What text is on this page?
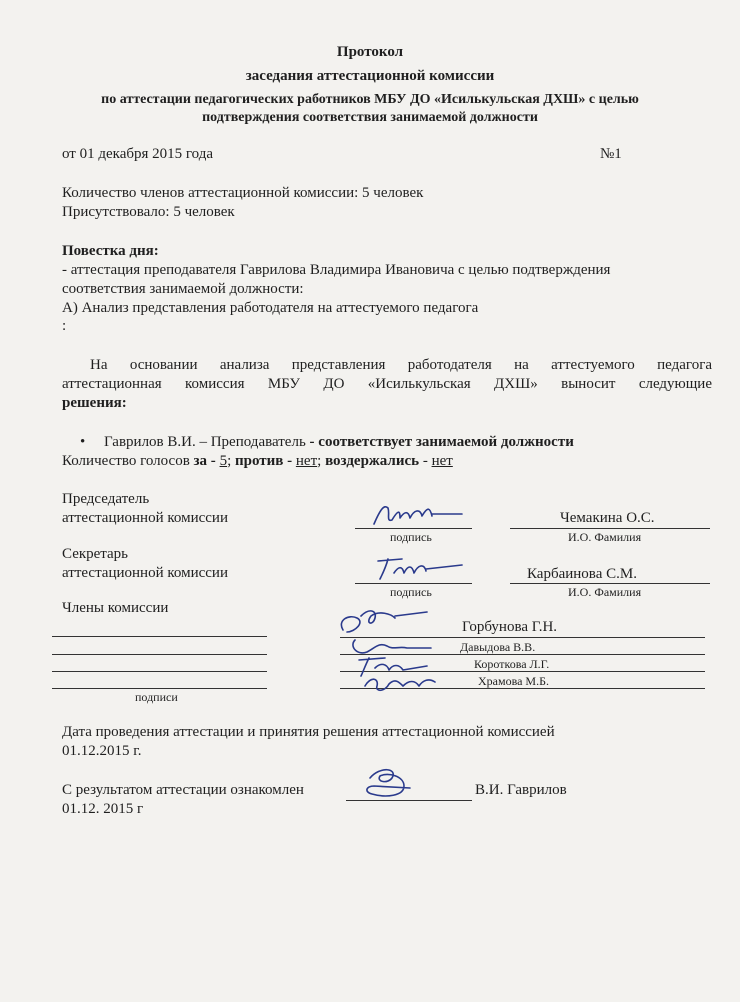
Протокол
заседания аттестационной комиссии
по аттестации педагогических работников МБУ ДО «Исилькульская ДХШ» с целью
подтверждения соответствия занимаемой должности
от 01 декабря 2015 года	№1
Количество членов аттестационной комиссии: 5 человек
Присутствовало: 5 человек
Повестка дня:
- аттестация преподавателя Гаврилова Владимира Ивановича с целью подтверждения
соответствия занимаемой должности:
А) Анализ представления работодателя на аттестуемого педагога
:
На основании анализа представления работодателя на аттестуемого педагога
аттестационная комиссия МБУ ДО «Исилькульская ДХШ» выносит следующие
решения:
• Гаврилов В.И. – Преподаватель - соответствует занимаемой должности
Количество голосов за - 5; против - нет; воздержались - нет
Председатель
аттестационной комиссии
подпись
Чемакина О.С.
И.О. Фамилия
Секретарь
аттестационной комиссии
подпись
Карбаинова С.М.
И.О. Фамилия
Члены комиссии
подписи
Горбунова Г.Н.
Давыдова В.В.
Короткова Л.Г.
Храмова М.Б.
Дата проведения аттестации и принятия решения аттестационной комиссией
01.12.2015 г.
С результатом аттестации ознакомлен	В.И. Гаврилов
01.12. 2015 г
